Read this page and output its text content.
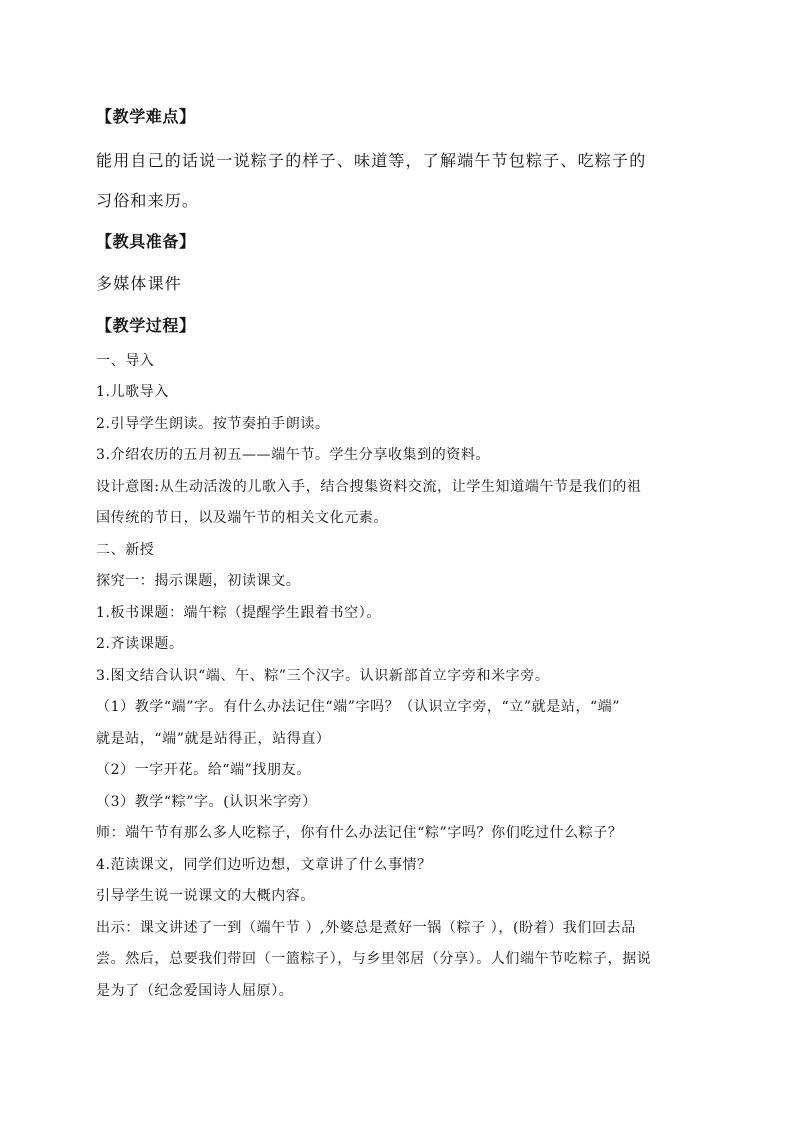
【教学难点】
能用自己的话说一说粽子的样子、味道等，了解端午节包粽子、吃粽子的
习俗和来历。
【教具准备】
多媒体课件
【教学过程】
一、导入
1.儿歌导入
2.引导学生朗读。按节奏拍手朗读。
3.介绍农历的五月初五——端午节。学生分享收集到的资料。
设计意图:从生动活泼的儿歌入手，结合搜集资料交流，让学生知道端午节是我们的祖
国传统的节日，以及端午节的相关文化元素。
二、新授
探究一：揭示课题，初读课文。
1.板书课题：端午粽（提醒学生跟着书空）。
2.齐读课题。
3.图文结合认识“端、午、粽”三个汉字。认识新部首立字旁和米字旁。
（1）教学“端”字。有什么办法记住“端”字吗？（认识立字旁，“立”就是站，“端”
就是站，“端”就是站得正，站得直）
（2）一字开花。给“端”找朋友。
（3）教学“粽”字。(认识米字旁）
师：端午节有那么多人吃粽子，你有什么办法记住“粽”字吗？你们吃过什么粽子？
4.范读课文，同学们边听边想，文章讲了什么事情？
引导学生说一说课文的大概内容。
出示：课文讲述了一到（端午节 ）,外婆总是煮好一锅（粽子 ），(盼着）我们回去品
尝。然后，总要我们带回（一篮粽子），与乡里邻居（分享）。人们端午节吃粽子，据说
是为了（纪念爱国诗人屈原）。
